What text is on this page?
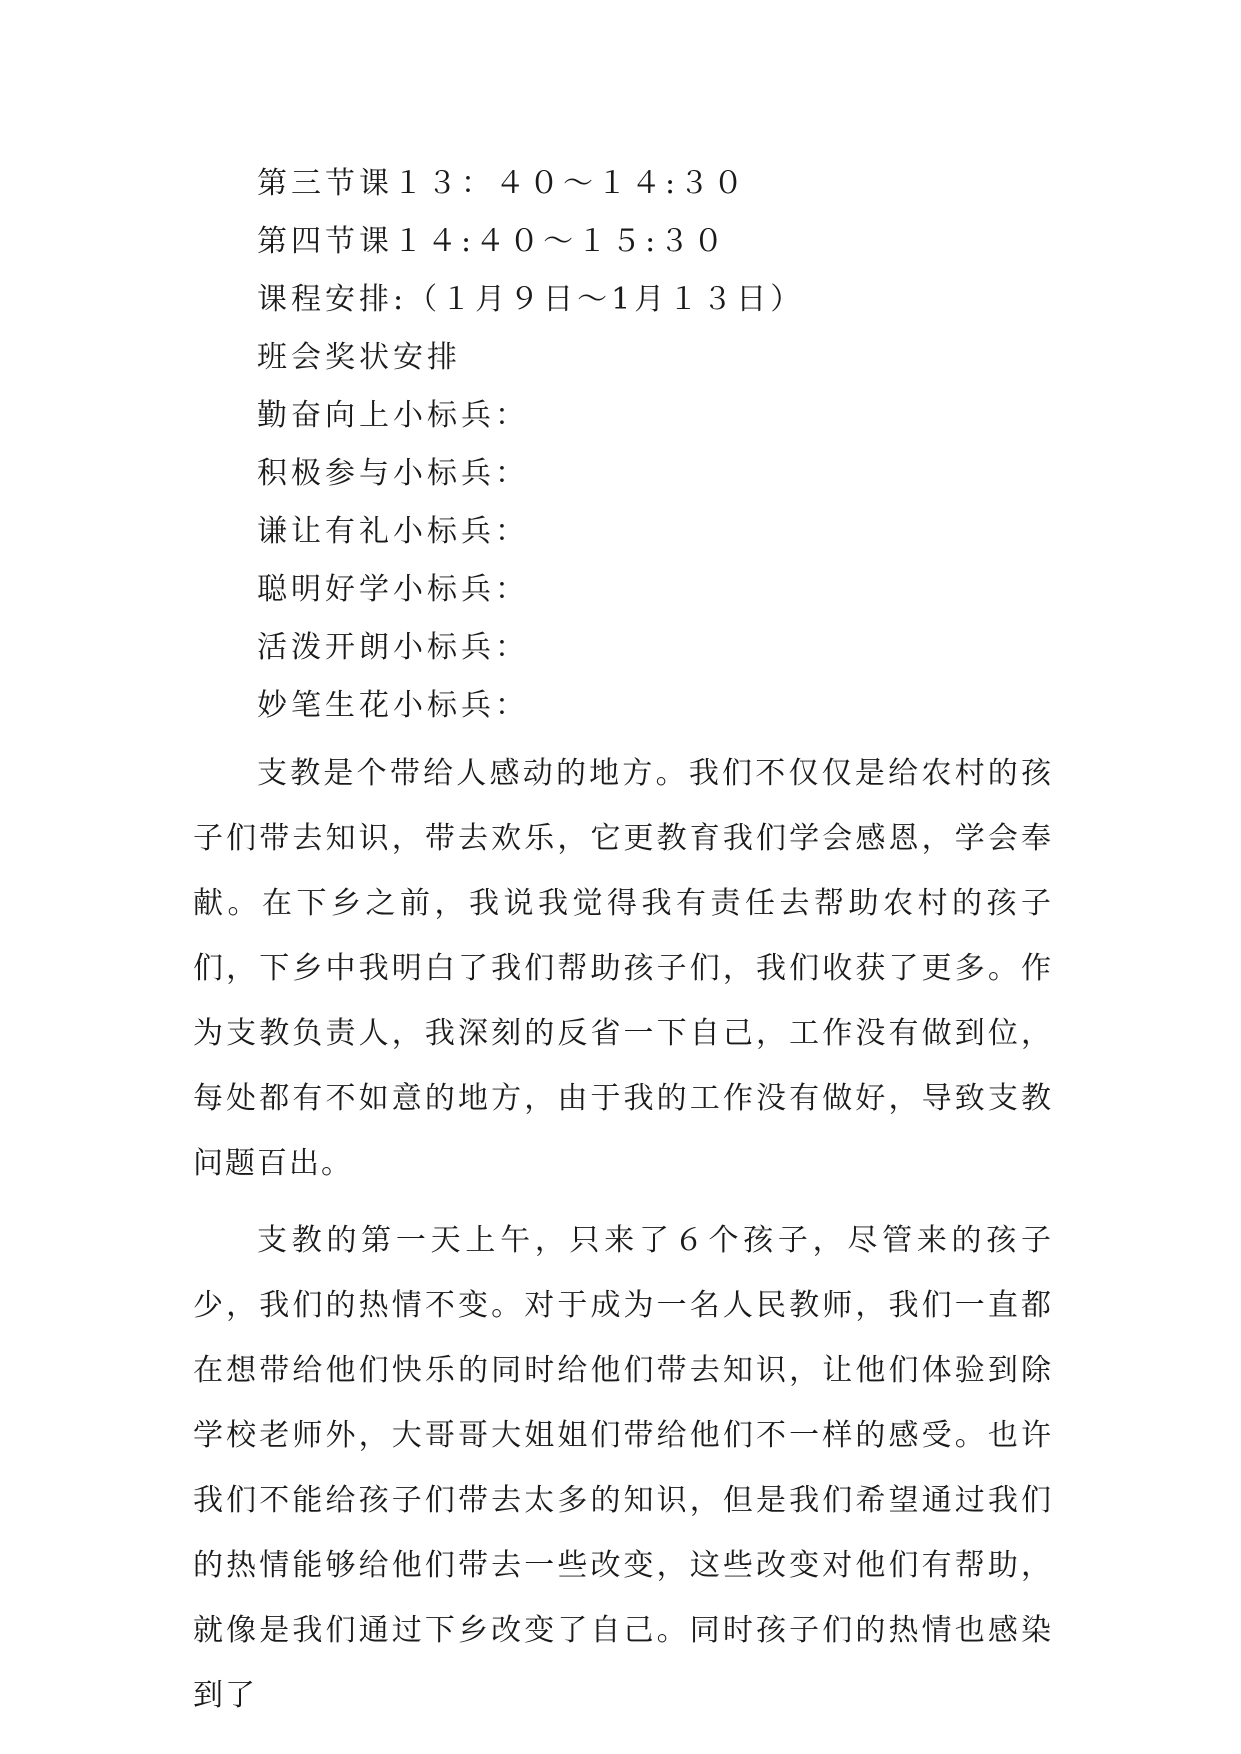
第三节课１３：４０～１４:３０
第四节课１４:４０～１５:３０
课程安排:（１月９日～1月１３日）
班会奖状安排
勤奋向上小标兵：
积极参与小标兵：
谦让有礼小标兵：
聪明好学小标兵：
活泼开朗小标兵：
妙笔生花小标兵：

支教是个带给人感动的地方。我们不仅仅是给农村的孩子们带去知识，带去欢乐，它更教育我们学会感恩，学会奉献。在下乡之前，我说我觉得我有责任去帮助农村的孩子们，下乡中我明白了我们帮助孩子们，我们收获了更多。作为支教负责人，我深刻的反省一下自己，工作没有做到位，每处都有不如意的地方，由于我的工作没有做好，导致支教问题百出。

支教的第一天上午，只来了６个孩子，尽管来的孩子少，我们的热情不变。对于成为一名人民教师，我们一直都在想带给他们快乐的同时给他们带去知识，让他们体验到除学校老师外，大哥哥大姐姐们带给他们不一样的感受。也许我们不能给孩子们带去太多的知识，但是我们希望通过我们的热情能够给他们带去一些改变，这些改变对他们有帮助，就像是我们通过下乡改变了自己。同时孩子们的热情也感染到了
